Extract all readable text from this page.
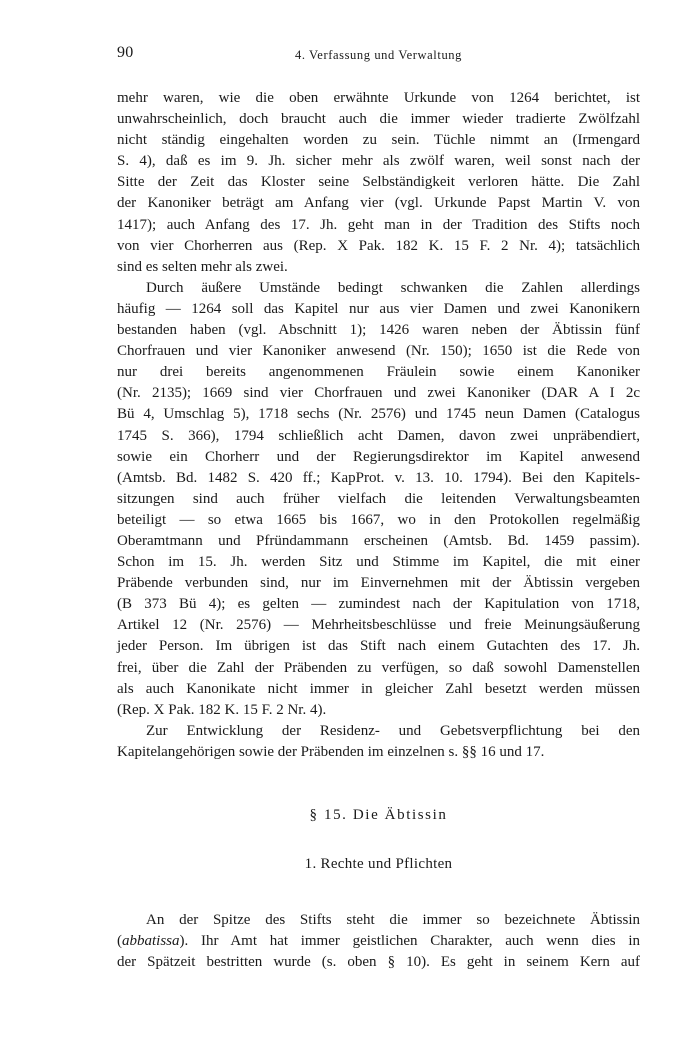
90	4. Verfassung und Verwaltung
mehr waren, wie die oben erwähnte Urkunde von 1264 berichtet, ist
unwahrscheinlich, doch braucht auch die immer wieder tradierte Zwölfzahl
nicht ständig eingehalten worden zu sein. Tüchle nimmt an (Irmengard
S. 4), daß es im 9. Jh. sicher mehr als zwölf waren, weil sonst nach der
Sitte der Zeit das Kloster seine Selbständigkeit verloren hätte. Die Zahl
der Kanoniker beträgt am Anfang vier (vgl. Urkunde Papst Martin V. von
1417); auch Anfang des 17. Jh. geht man in der Tradition des Stifts noch
von vier Chorherren aus (Rep. X Pak. 182 K. 15 F. 2 Nr. 4); tatsächlich
sind es selten mehr als zwei.
Durch äußere Umstände bedingt schwanken die Zahlen allerdings
häufig — 1264 soll das Kapitel nur aus vier Damen und zwei Kanonikern
bestanden haben (vgl. Abschnitt 1); 1426 waren neben der Äbtissin fünf
Chorfrauen und vier Kanoniker anwesend (Nr. 150); 1650 ist die Rede von
nur drei bereits angenommenen Fräulein sowie einem Kanoniker
(Nr. 2135); 1669 sind vier Chorfrauen und zwei Kanoniker (DAR A I 2c
Bü 4, Umschlag 5), 1718 sechs (Nr. 2576) und 1745 neun Damen (Catalogus
1745 S. 366), 1794 schließlich acht Damen, davon zwei unpräbendiert,
sowie ein Chorherr und der Regierungsdirektor im Kapitel anwesend
(Amtsb. Bd. 1482 S. 420 ff.; KapProt. v. 13. 10. 1794). Bei den Kapitels-
sitzungen sind auch früher vielfach die leitenden Verwaltungsbeamten
beteiligt — so etwa 1665 bis 1667, wo in den Protokollen regelmäßig
Oberamtmann und Pfründammann erscheinen (Amtsb. Bd. 1459 passim).
Schon im 15. Jh. werden Sitz und Stimme im Kapitel, die mit einer
Präbende verbunden sind, nur im Einvernehmen mit der Äbtissin vergeben
(B 373 Bü 4); es gelten — zumindest nach der Kapitulation von 1718,
Artikel 12 (Nr. 2576) — Mehrheitsbeschlüsse und freie Meinungsäußerung
jeder Person. Im übrigen ist das Stift nach einem Gutachten des 17. Jh.
frei, über die Zahl der Präbenden zu verfügen, so daß sowohl Damenstellen
als auch Kanonikate nicht immer in gleicher Zahl besetzt werden müssen
(Rep. X Pak. 182 K. 15 F. 2 Nr. 4).
Zur Entwicklung der Residenz- und Gebetsverpflichtung bei den
Kapitelangehörigen sowie der Präbenden im einzelnen s. §§ 16 und 17.
§ 15. Die Äbtissin
1. Rechte und Pflichten
An der Spitze des Stifts steht die immer so bezeichnete Äbtissin
(abbatissa). Ihr Amt hat immer geistlichen Charakter, auch wenn dies in
der Spätzeit bestritten wurde (s. oben § 10). Es geht in seinem Kern auf
